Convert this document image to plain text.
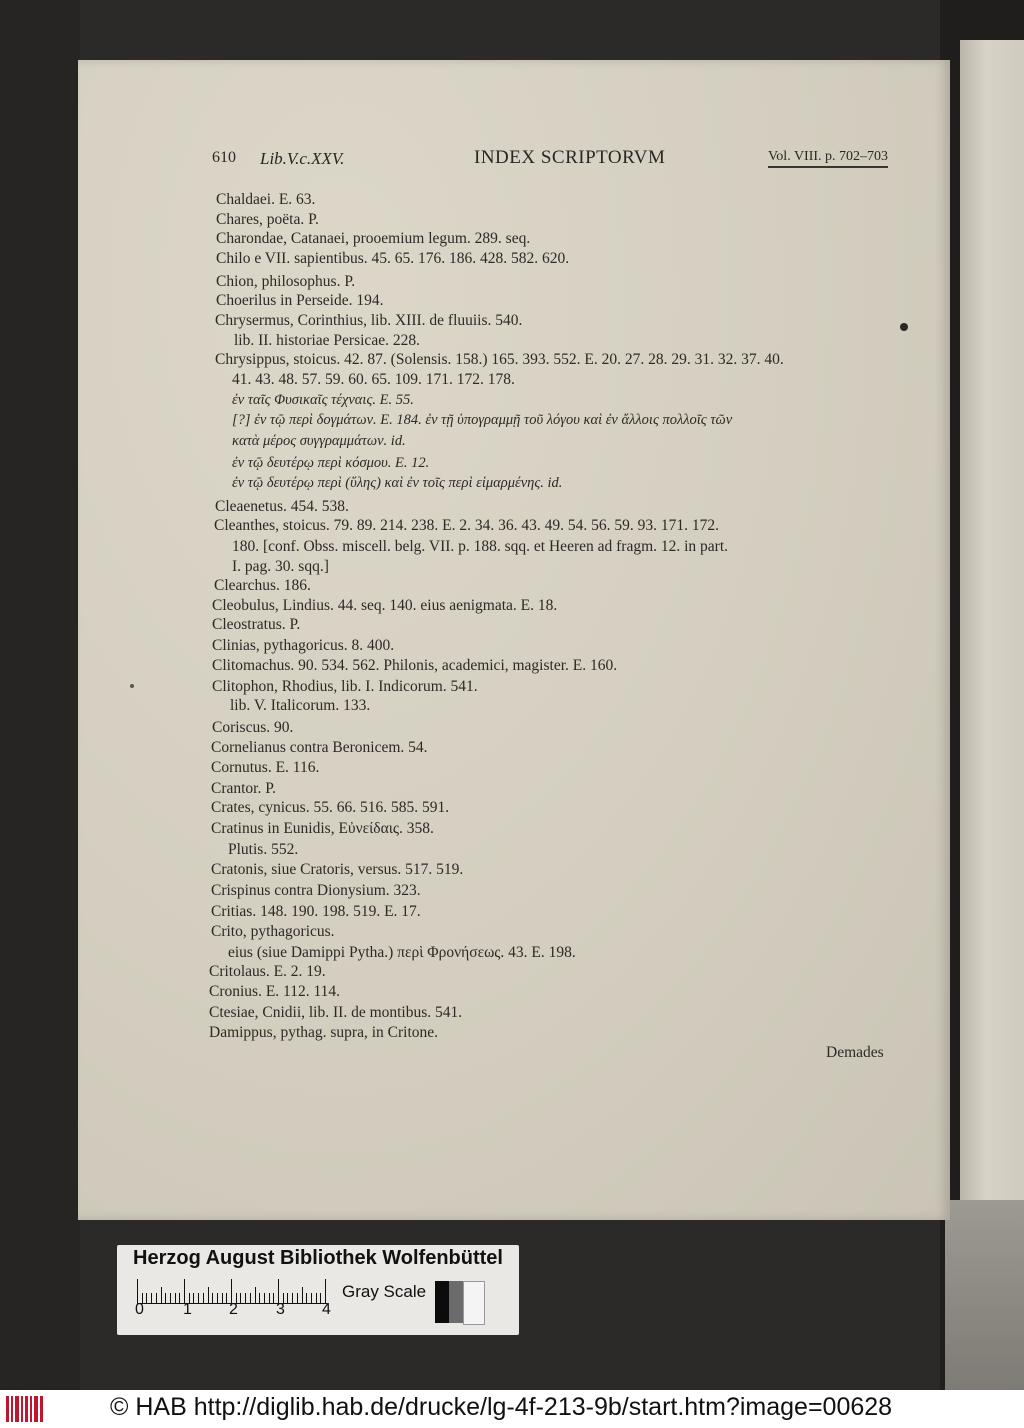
610 Lib.V.c.XXV.	INDEX SCRIPTORVM	Vol. VIII. p. 702–703
Chaldaei. E. 63.
Chares, poëta. P.
Charondae, Catanaei, prooemium legum. 289. seq.
Chilo e VII. sapientibus. 45. 65. 176. 186. 428. 582. 620.
Chion, philosophus. P.
Choerilus in Perseide. 194.
Chrysermus, Corinthius, lib. XIII. de fluuiis. 540.
lib. II. historiae Persicae. 228.
Chrysippus, stoicus. 42. 87. (Solensis. 158.) 165. 393. 552. E. 20. 27. 28. 29. 31. 32. 37. 40.
41. 43. 48. 57. 59. 60. 65. 109. 171. 172. 178.
ἐν ταῖς Φυσικαῖς τέχναις. E. 55.
[?] ἐν τῷ περὶ δογμάτων. E. 184. ἐν τῇ ὑπογραμμῇ τοῦ λόγου καὶ ἐν ἄλλοις πολλοῖς τῶν
κατὰ μέρος συγγραμμάτων. id.
ἐν τῷ δευτέρῳ περὶ κόσμου. E. 12.
ἐν τῷ δευτέρῳ περὶ (ὕλης) καὶ ἐν τοῖς περὶ εἱμαρμένης. id.
Cleaenetus. 454. 538.
Cleanthes, stoicus. 79. 89. 214. 238. E. 2. 34. 36. 43. 49. 54. 56. 59. 93. 171. 172.
180. [conf. Obss. miscell. belg. VII. p. 188. sqq. et Heeren ad fragm. 12. in part.
I. pag. 30. sqq.]
Clearchus. 186.
Cleobulus, Lindius. 44. seq. 140. eius aenigmata. E. 18.
Cleostratus. P.
Clinias, pythagoricus. 8. 400.
Clitomachus. 90. 534. 562. Philonis, academici, magister. E. 160.
Clitophon, Rhodius, lib. I. Indicorum. 541.
lib. V. Italicorum. 133.
Coriscus. 90.
Cornelianus contra Beronicem. 54.
Cornutus. E. 116.
Crantor. P.
Crates, cynicus. 55. 66. 516. 585. 591.
Cratinus in Eunidis, Εὐνείδαις. 358.
Plutis. 552.
Cratonis, siue Cratoris, versus. 517. 519.
Crispinus contra Dionysium. 323.
Critias. 148. 190. 198. 519. E. 17.
Crito, pythagoricus.
eius (siue Damippi Pytha.) περὶ Φρονήσεως. 43. E. 198.
Critolaus. E. 2. 19.
Cronius. E. 112. 114.
Ctesiae, Cnidii, lib. II. de montibus. 541.
Damippus, pythag. supra, in Critone.
Demades
Herzog August Bibliothek Wolfenbüttel
0 1 2 3 4
Gray Scale
© HAB http://diglib.hab.de/drucke/lg-4f-213-9b/start.htm?image=00628
